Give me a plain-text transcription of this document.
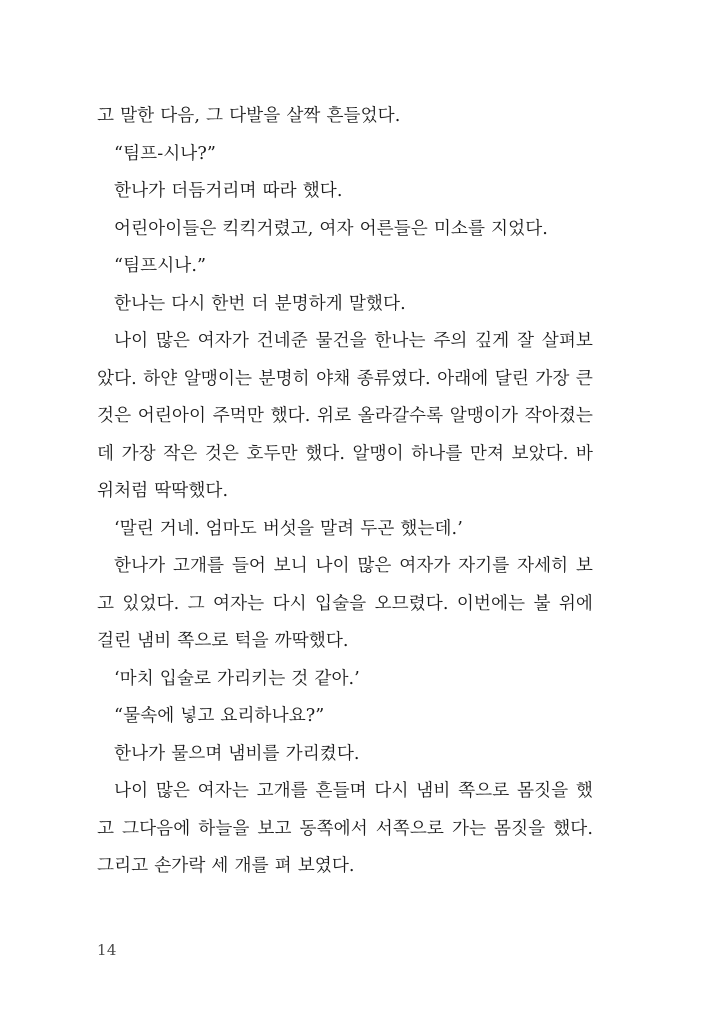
고 말한 다음, 그 다발을 살짝 흔들었다.

“팀프-시나?”

한나가 더듬거리며 따라 했다.

어린아이들은 킥킥거렸고, 여자 어른들은 미소를 지었다.

“팀프시나.”

한나는 다시 한번 더 분명하게 말했다.

나이 많은 여자가 건네준 물건을 한나는 주의 깊게 잘 살펴보았다. 하얀 알맹이는 분명히 야채 종류였다. 아래에 달린 가장 큰 것은 어린아이 주먹만 했다. 위로 올라갈수록 알맹이가 작아졌는데 가장 작은 것은 호두만 했다. 알맹이 하나를 만져 보았다. 바위처럼 딱딱했다.

‘말린 거네. 엄마도 버섯을 말려 두곤 했는데.’

한나가 고개를 들어 보니 나이 많은 여자가 자기를 자세히 보고 있었다. 그 여자는 다시 입술을 오므렸다. 이번에는 불 위에 걸린 냄비 쪽으로 턱을 까딱했다.

‘마치 입술로 가리키는 것 같아.’

“물속에 넣고 요리하나요?”

한나가 물으며 냄비를 가리켰다.

나이 많은 여자는 고개를 흔들며 다시 냄비 쪽으로 몸짓을 했고 그다음에 하늘을 보고 동쪽에서 서쪽으로 가는 몸짓을 했다. 그리고 손가락 세 개를 펴 보였다.

14
